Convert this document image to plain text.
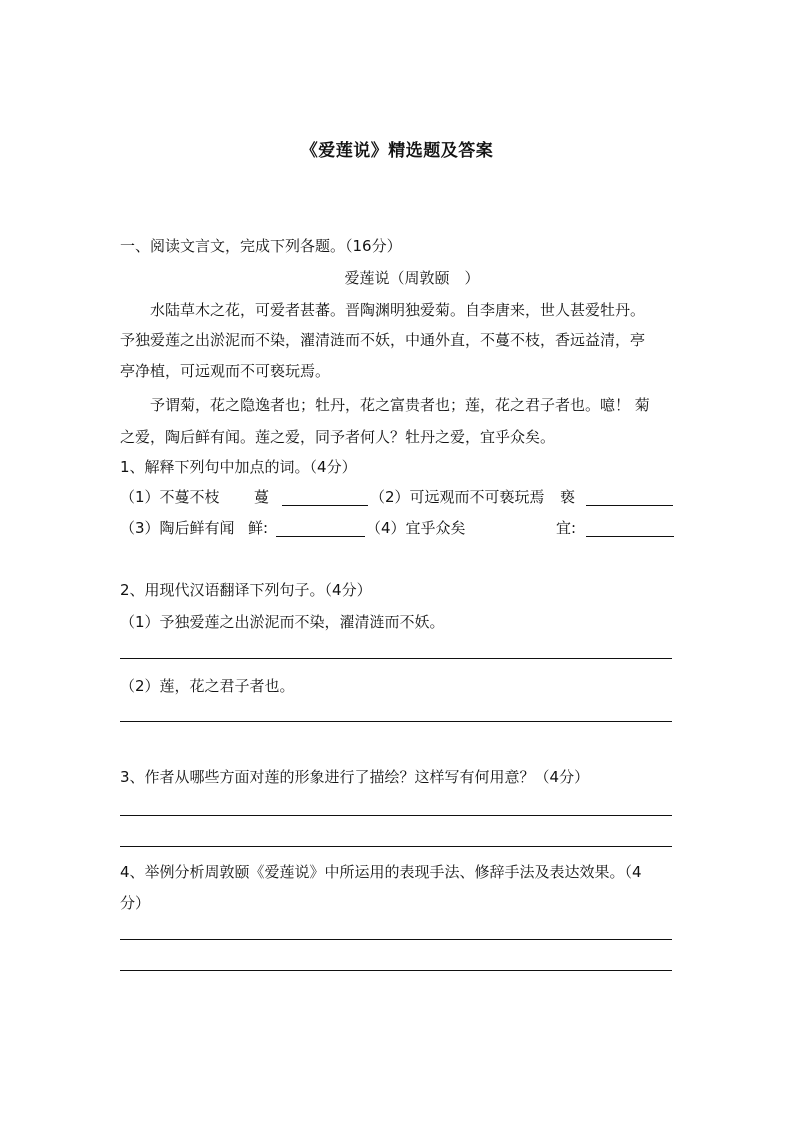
《爱莲说》精选题及答案
一、阅读文言文，完成下列各题。（16分）
爱莲说（周敦颐　）
　　水陆草木之花，可爱者甚蕃。晋陶渊明独爱菊。自李唐来，世人甚爱牡丹。
予独爱莲之出淤泥而不染，濯清涟而不妖，中通外直，不蔓不枝，香远益清，亭
亭净植，可远观而不可亵玩焉。
　　予谓菊，花之隐逸者也；牡丹，花之富贵者也；莲，花之君子者也。噫！ 菊
之爱，陶后鲜有闻。莲之爱，同予者何人？牡丹之爱，宜乎众矣。
1、解释下列句中加点的词。（4分）
（1）不蔓不枝 蔓	（2）可远观而不可亵玩焉 亵
（3）陶后鲜有闻 鲜:	（4）宜乎众矣	宜:
2、用现代汉语翻译下列句子。（4分）
（1）予独爱莲之出淤泥而不染，濯清涟而不妖。
（2）莲，花之君子者也。
3、作者从哪些方面对莲的形象进行了描绘？这样写有何用意？（4分）
4、举例分析周敦颐《爱莲说》中所运用的表现手法、修辞手法及表达效果。（4
分）
